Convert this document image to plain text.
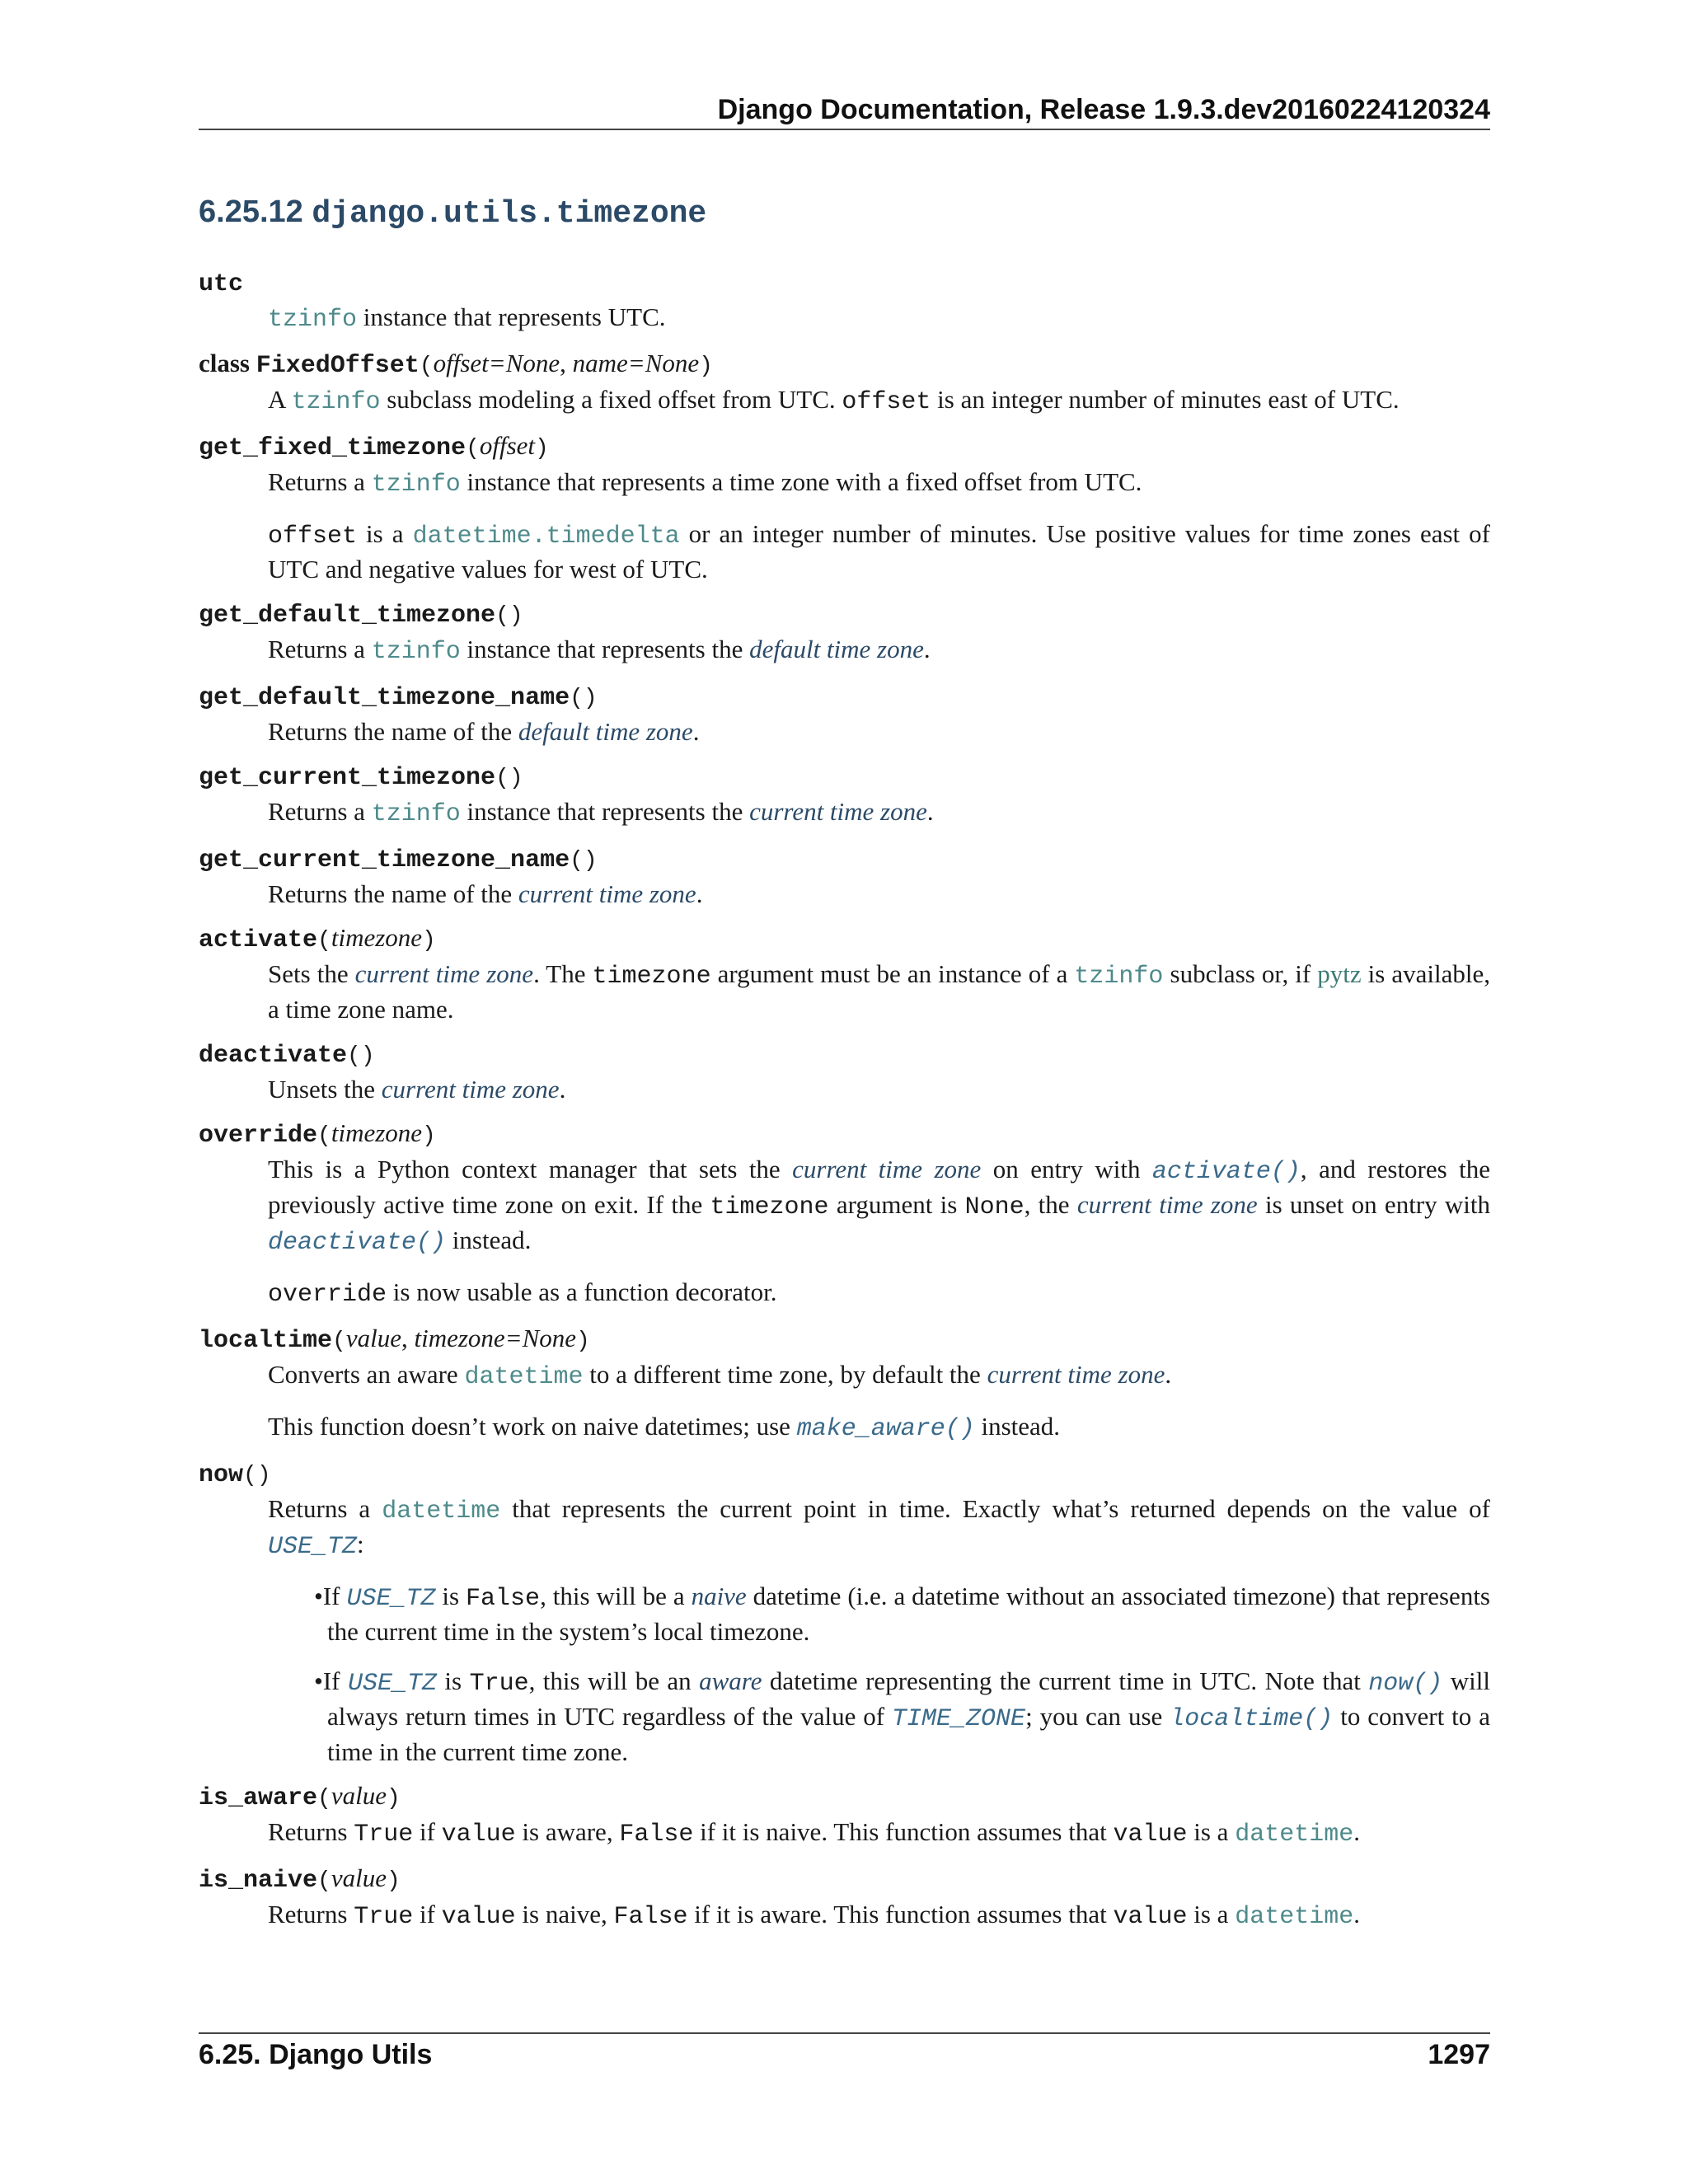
Django Documentation, Release 1.9.3.dev20160224120324
6.25.12 django.utils.timezone
utc

tzinfo instance that represents UTC.

class FixedOffset(offset=None, name=None)

A tzinfo subclass modeling a fixed offset from UTC. offset is an integer number of minutes east of UTC.

get_fixed_timezone(offset)

Returns a tzinfo instance that represents a time zone with a fixed offset from UTC.

offset is a datetime.timedelta or an integer number of minutes. Use positive values for time zones east of UTC and negative values for west of UTC.

get_default_timezone()

Returns a tzinfo instance that represents the default time zone.

get_default_timezone_name()

Returns the name of the default time zone.

get_current_timezone()

Returns a tzinfo instance that represents the current time zone.

get_current_timezone_name()

Returns the name of the current time zone.

activate(timezone)

Sets the current time zone. The timezone argument must be an instance of a tzinfo subclass or, if pytz is available, a time zone name.

deactivate()

Unsets the current time zone.

override(timezone)

This is a Python context manager that sets the current time zone on entry with activate(), and restores the previously active time zone on exit. If the timezone argument is None, the current time zone is unset on entry with deactivate() instead.

override is now usable as a function decorator.

localtime(value, timezone=None)

Converts an aware datetime to a different time zone, by default the current time zone.

This function doesn’t work on naive datetimes; use make_aware() instead.

now()

Returns a datetime that represents the current point in time. Exactly what’s returned depends on the value of USE_TZ:

•If USE_TZ is False, this will be a naive datetime (i.e. a datetime without an associated timezone) that represents the current time in the system’s local timezone.
•If USE_TZ is True, this will be an aware datetime representing the current time in UTC. Note that now() will always return times in UTC regardless of the value of TIME_ZONE; you can use localtime() to convert to a time in the current time zone.
is_aware(value)

Returns True if value is aware, False if it is naive. This function assumes that value is a datetime.

is_naive(value)

Returns True if value is naive, False if it is aware. This function assumes that value is a datetime.

6.25. Django Utils	1297
